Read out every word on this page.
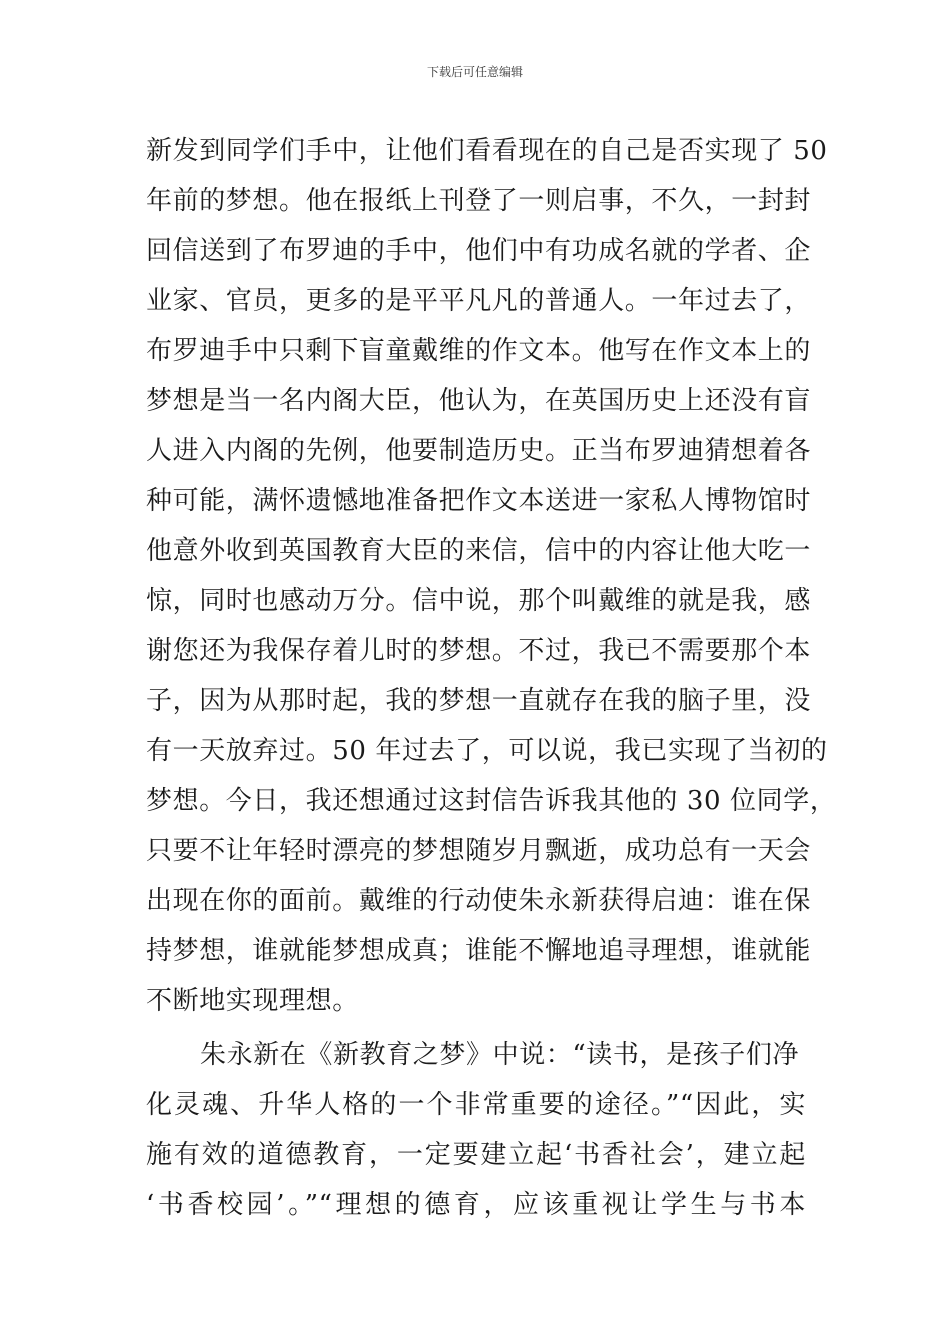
下载后可任意编辑
新发到同学们手中，让他们看看现在的自己是否实现了 50
年前的梦想。他在报纸上刊登了一则启事，不久，一封封
回信送到了布罗迪的手中，他们中有功成名就的学者、企
业家、官员，更多的是平平凡凡的普通人。一年过去了，
布罗迪手中只剩下盲童戴维的作文本。他写在作文本上的
梦想是当一名内阁大臣，他认为，在英国历史上还没有盲
人进入内阁的先例，他要制造历史。正当布罗迪猜想着各
种可能，满怀遗憾地准备把作文本送进一家私人博物馆时
他意外收到英国教育大臣的来信，信中的内容让他大吃一
惊，同时也感动万分。信中说，那个叫戴维的就是我，感
谢您还为我保存着儿时的梦想。不过，我已不需要那个本
子，因为从那时起，我的梦想一直就存在我的脑子里，没
有一天放弃过。50 年过去了，可以说，我已实现了当初的
梦想。今日，我还想通过这封信告诉我其他的 30 位同学，
只要不让年轻时漂亮的梦想随岁月飘逝，成功总有一天会
出现在你的面前。戴维的行动使朱永新获得启迪：谁在保
持梦想，谁就能梦想成真；谁能不懈地追寻理想，谁就能
不断地实现理想。
朱永新在《新教育之梦》中说：“读书，是孩子们净
化灵魂、升华人格的一个非常重要的途径。”“因此，实
施有效的道德教育，一定要建立起‘书香社会’，建立起
‘书香校园’。”“理想的德育，应该重视让学生与书本
